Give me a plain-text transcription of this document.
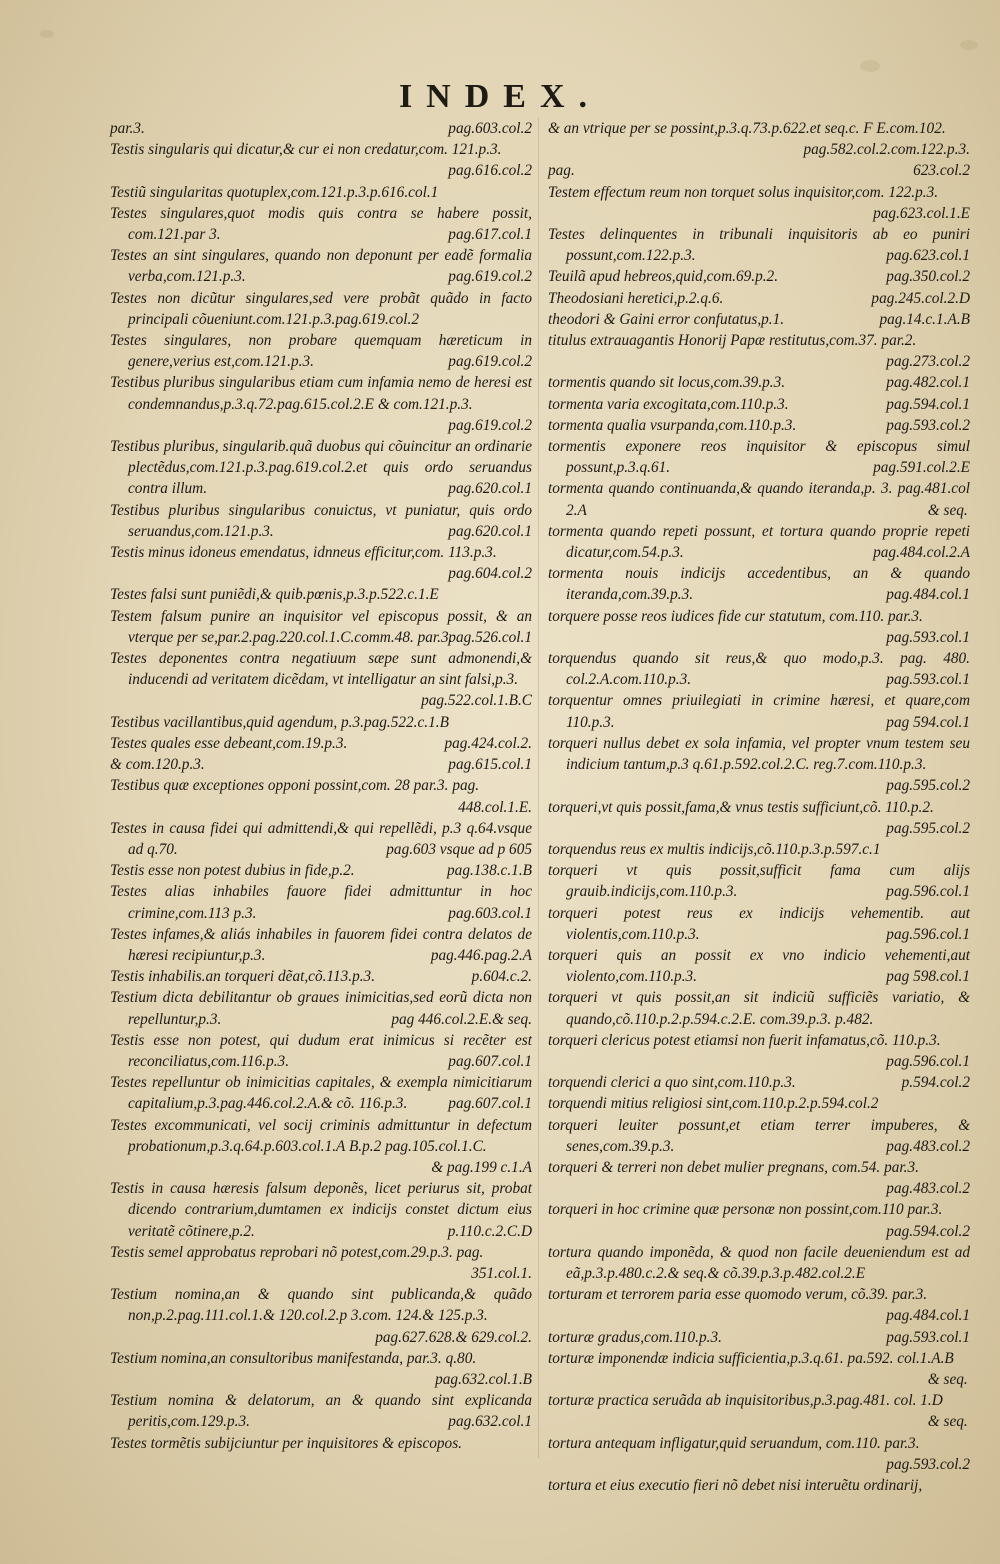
INDEX.

par.3.	pag.603.col.2

Testis singularis qui dicatur,& cur ei non credatur,com. 121.p.3.
pag.616.col.2

Testiũ singularitas quotuplex,com.121.p.3.p.616.col.1

Testes singulares,quot modis quis contra se habere possit, com.121.par 3.	pag.617.col.1

Testes an sint singulares, quando non deponunt per eadẽ formalia verba,com.121.p.3.	pag.619.col.2

Testes non dicũtur singulares,sed vere probãt quãdo in facto principali cõueniunt.com.121.p.3.pag.619.col.2

Testes singulares, non probare quemquam hæreticum in genere,verius est,com.121.p.3.	pag.619.col.2

Testibus pluribus singularibus etiam cum infamia nemo de heresi est condemnandus,p.3.q.72.pag.615.col.2.E & com.121.p.3.
pag.619.col.2

Testibus pluribus, singularib.quã duobus qui cõuincitur an ordinarie plectẽdus,com.121.p.3.pag.619.col.2.et quis ordo seruandus contra illum.	pag.620.col.1

Testibus pluribus singularibus conuictus, vt puniatur, quis ordo seruandus,com.121.p.3.	pag.620.col.1

Testis minus idoneus emendatus, idnneus efficitur,com. 113.p.3.
pag.604.col.2

Testes falsi sunt puniẽdi,& quib.pœnis,p.3.p.522.c.1.E

Testem falsum punire an inquisitor vel episcopus possit, & an vterque per se,par.2.pag.220.col.1.C.comm.48. par.3.
pag.526.col.1

Testes deponentes contra negatiuum sæpe sunt admonendi,& inducendi ad veritatem dicẽdam, vt intelligatur an sint falsi,p.3.
pag.522.col.1.B.C

Testibus vacillantibus,quid agendum, p.3.pag.522.c.1.B

Testes quales esse debeant,com.19.p.3.	pag.424.col.2.

& com.120.p.3.	pag.615.col.1

Testibus quæ exceptiones opponi possint,com. 28 par.3. pag.
448.col.1.E.

Testes in causa fidei qui admittendi,& qui repellẽdi, p.3 q.64.vsque ad q.70.	pag.603 vsque ad p 605

Testis esse non potest dubius in fide,p.2.	pag.138.c.1.B

Testes alias inhabiles fauore fidei admittuntur in hoc crimine,com.113 p.3.	pag.603.col.1

Testes infames,& aliás inhabiles in fauorem fidei contra delatos de hæresi recipiuntur,p.3.	pag.446.pag.2.A

Testis inhabilis.an torqueri dẽat,cõ.113.p.3.	p.604.c.2.

Testium dicta debilitantur ob graues inimicitias,sed eorũ dicta non repelluntur,p.3.	pag 446.col.2.E.& seq.

Testis esse non potest, qui dudum erat inimicus si recẽter est reconciliatus,com.116.p.3.	pag.607.col.1

Testes repelluntur ob inimicitias capitales, & exempla nimicitiarum capitalium,p.3.pag.446.col.2.A.& cõ. 116.p.3.	pag.607.col.1

Testes excommunicati, vel socij criminis admittuntur in defectum probationum,p.3.q.64.p.603.col.1.A B.p.2 pag.105.col.1.C.
& pag.199 c.1.A

Testis in causa hæresis falsum deponẽs, licet periurus sit, probat dicendo contrarium,dumtamen ex indicijs constet dictum eius veritatẽ cõtinere,p.2.	p.110.c.2.C.D

Testis semel approbatus reprobari nõ potest,com.29.p.3. pag.
351.col.1.

Testium nomina,an & quando sint publicanda,& quãdo non,p.2.pag.111.col.1.& 120.col.2.p 3.com. 124.& 125.p.3.
pag.627.628.& 629.col.2.

Testium nomina,an consultoribus manifestanda, par.3. q.80.
pag.632.col.1.B

Testium nomina & delatorum, an & quando sint explicanda peritis,com.129.p.3.	pag.632.col.1

Testes tormẽtis subijciuntur per inquisitores & episcopos.

& an vtrique per se possint,p.3.q.73.p.622.et seq.c. F E.com.102.
pag.582.col.2.com.122.p.3.

pag.	623.col.2

Testem effectum reum non torquet solus inquisitor,com. 122.p.3.
pag.623.col.1.E

Testes delinquentes in tribunali inquisitoris ab eo puniri possunt,com.122.p.3.	pag.623.col.1

Teuilã apud hebreos,quid,com.69.p.2.	pag.350.col.2

Theodosiani heretici,p.2.q.6.	pag.245.col.2.D

theodori & Gaini error confutatus,p.1.	pag.14.c.1.A.B

titulus extrauagantis Honorij Papæ restitutus,com.37. par.2.
pag.273.col.2

tormentis quando sit locus,com.39.p.3.	pag.482.col.1

tormenta varia excogitata,com.110.p.3.	pag.594.col.1

tormenta qualia vsurpanda,com.110.p.3.	pag.593.col.2

tormentis exponere reos inquisitor & episcopus simul possunt,p.3.q.61.	pag.591.col.2.E

tormenta quando continuanda,& quando iteranda,p. 3. pag.481.col 2.A	& seq.

tormenta quando repeti possunt, et tortura quando proprie repeti dicatur,com.54.p.3.	pag.484.col.2.A

tormenta nouis indicijs accedentibus, an & quando iteranda,com.39.p.3.	pag.484.col.1

torquere posse reos iudices fide cur statutum, com.110. par.3.
pag.593.col.1

torquendus quando sit reus,& quo modo,p.3. pag. 480. col.2.A.com.110.p.3.	pag.593.col.1

torquentur omnes priuilegiati in crimine hæresi, et quare,com 110.p.3.	pag 594.col.1

torqueri nullus debet ex sola infamia, vel propter vnum testem seu indicium tantum,p.3 q.61.p.592.col.2.C. reg.7.com.110.p.3.
pag.595.col.2

torqueri,vt quis possit,fama,& vnus testis sufficiunt,cõ. 110.p.2.
pag.595.col.2

torquendus reus ex multis indicijs,cõ.110.p.3.p.597.c.1

torqueri vt quis possit,sufficit fama cum alijs grauib.indicijs,com.110.p.3.	pag.596.col.1

torqueri potest reus ex indicijs vehementib. aut violentis,com.110.p.3.	pag.596.col.1

torqueri quis an possit ex vno indicio vehementi,aut violento,com.110.p.3.	pag 598.col.1

torqueri vt quis possit,an sit indiciũ sufficiẽs variatio, & quando,cõ.110.p.2.p.594.c.2.E. com.39.p.3. p.482.

torqueri clericus potest etiamsi non fuerit infamatus,cõ. 110.p.3.
pag.596.col.1

torquendi clerici a quo sint,com.110.p.3.	p.594.col.2

torquendi mitius religiosi sint,com.110.p.2.p.594.col.2

torqueri leuiter possunt,et etiam terrer impuberes, & senes,com.39.p.3.	pag.483.col.2

torqueri & terreri non debet mulier pregnans, com.54. par.3.
pag.483.col.2

torqueri in hoc crimine quæ personæ non possint,com.110 par.3.
pag.594.col.2

tortura quando imponẽda, & quod non facile deueniendum est ad eã,p.3.p.480.c.2.& seq.& cõ.39.p.3.p.482.col.2.E

torturam et terrorem paria esse quomodo verum, cõ.39. par.3.
pag.484.col.1

torturæ gradus,com.110.p.3.	pag.593.col.1

torturæ imponendæ indicia sufficientia,p.3.q.61. pa.592. col.1.A.B
& seq.

torturæ practica seruãda ab inquisitoribus,p.3.pag.481. col. 1.D
& seq.

tortura antequam infligatur,quid seruandum, com.110. par.3.
pag.593.col.2

tortura et eius executio fieri nõ debet nisi interuẽtu ordinarij,
